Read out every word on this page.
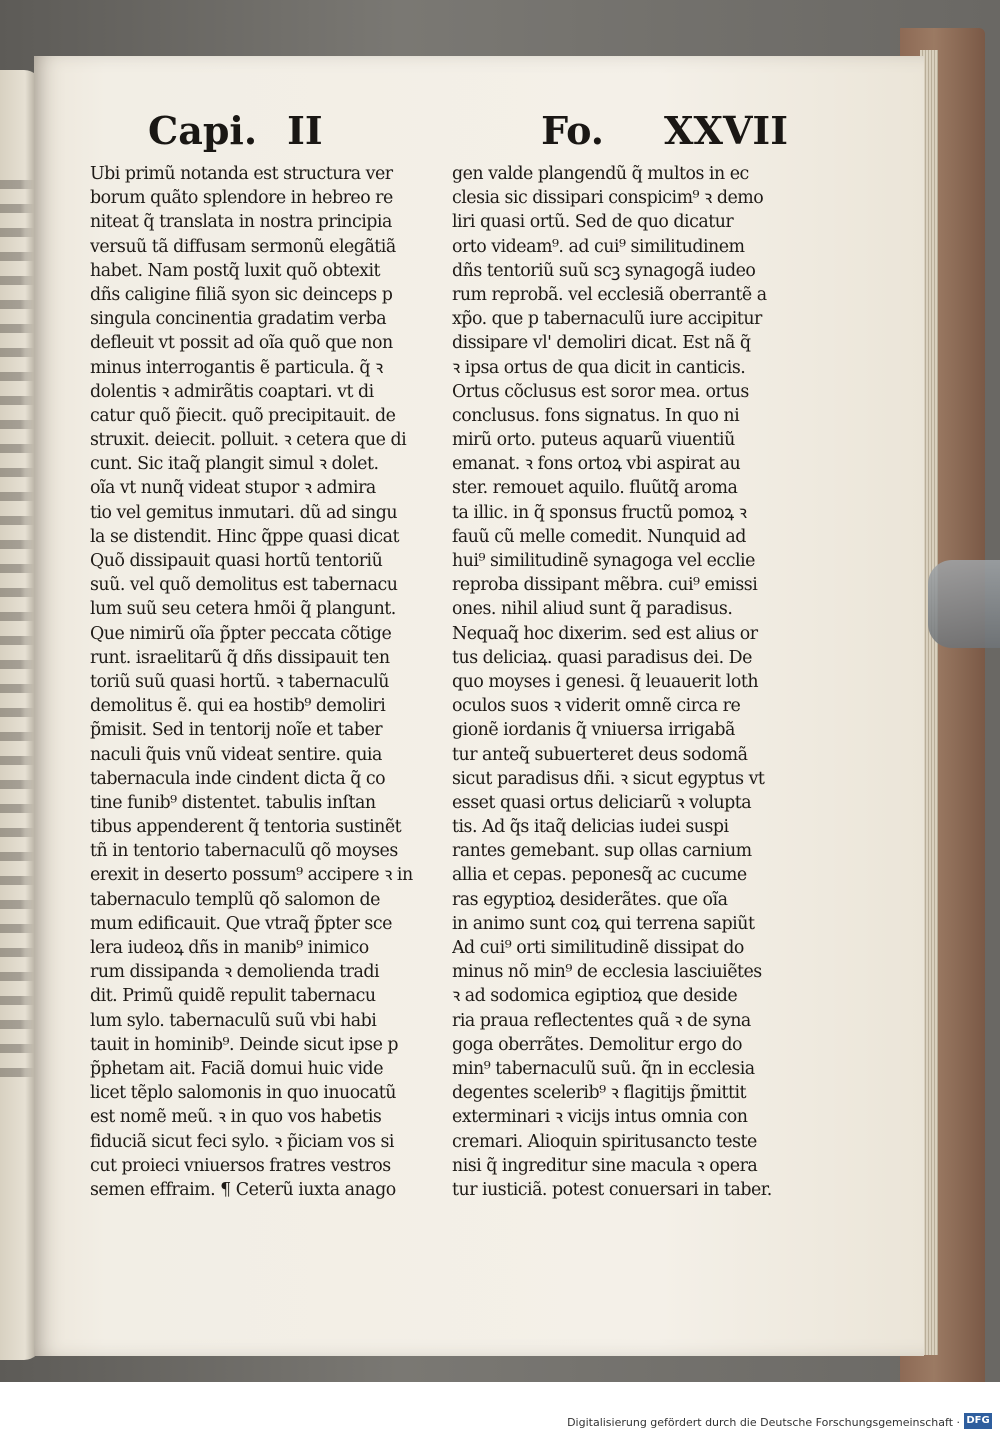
Capi. II	Fo. XXVII
Ubi primũ notanda est structura ver
borum quãto splendore in hebreo re
niteat q̃ translata in nostra principia
versuũ tã diffusam sermonũ elegãtiã
habet. Nam postq̃ luxit quõ obtexit
dñs caligine filiã syon sic deinceps p
singula concinentia gradatim verba
defleuit vt possit ad oĩa quõ que non
minus interrogantis ẽ particula. q̃ ꝛ
dolentis ꝛ admirãtis coaptari. vt di
catur quõ p̃iecit. quõ precipitauit. de
struxit. deiecit. polluit. ꝛ cetera que di
cunt. Sic itaq̃ plangit simul ꝛ dolet.
oĩa vt nunq̃ videat stupor ꝛ admira
tio vel gemitus inmutari. dũ ad singu
la se distendit. Hinc q̃ppe quasi dicat
Quõ dissipauit quasi hortũ tentoriũ
suũ. vel quõ demolitus est tabernacu
lum suũ seu cetera hmõi q̃ plangunt.
Que nimirũ oĩa p̃pter peccata cõtige
runt. israelitarũ q̃ dñs dissipauit ten
toriũ suũ quasi hortũ. ꝛ tabernaculũ
demolitus ẽ. qui ea hostib⁹ demoliri
p̃misit. Sed in tentorij noĩe et taber
naculi q̃uis vnũ videat sentire. quia
tabernacula inde cindent dicta q̃ co
tine funib⁹ distentet. tabulis inſtan
tibus appenderent q̃ tentoria sustinẽt
tñ in tentorio tabernaculũ qõ moyses
erexit in deserto possum⁹ accipere ꝛ in
tabernaculo templũ qõ salomon de
mum edificauit. Que vtraq̃ p̃pter sce
lera iudeoꝝ dñs in manib⁹ inimico
rum dissipanda ꝛ demolienda tradi
dit. Primũ quidẽ repulit tabernacu
lum sylo. tabernaculũ suũ vbi habi
tauit in hominib⁹. Deinde sicut ipse p
p̃phetam ait. Faciã domui huic vide
licet tẽplo salomonis in quo inuocatũ
est nomẽ meũ. ꝛ in quo vos habetis
fiduciã sicut feci sylo. ꝛ p̃iciam vos si
cut proieci vniuersos fratres vestros
semen effraim. ¶ Ceterũ iuxta anago
gen valde plangendũ q̃ multos in ec
clesia sic dissipari conspicim⁹ ꝛ demo
liri quasi ortũ. Sed de quo dicatur
orto videam⁹. ad cui⁹ similitudinem
dñs tentoriũ suũ scꝫ synagogã iudeo
rum reprobã. vel ecclesiã oberrantẽ a
xp̃o. que p tabernaculũ iure accipitur
dissipare vl' demoliri dicat. Est nã q̃
ꝛ ipsa ortus de qua dicit in canticis.
Ortus cõclusus est soror mea. ortus
conclusus. fons signatus. In quo ni
mirũ orto. puteus aquarũ viuentiũ
emanat. ꝛ fons ortoꝝ vbi aspirat au
ster. remouet aquilo. fluũtq̃ aroma
ta illic. in q̃ sponsus fructũ pomoꝝ ꝛ
fauũ cũ melle comedit. Nunquid ad
hui⁹ similitudinẽ synagoga vel ecclie
reproba dissipant mẽbra. cui⁹ emissi
ones. nihil aliud sunt q̃ paradisus.
Nequaq̃ hoc dixerim. sed est alius or
tus deliciaꝝ. quasi paradisus dei. De
quo moyses i genesi. q̃ leuauerit loth
oculos suos ꝛ viderit omnẽ circa re
gionẽ iordanis q̃ vniuersa irrigabã
tur anteq̃ subuerteret deus sodomã
sicut paradisus dñi. ꝛ sicut egyptus vt
esset quasi ortus deliciarũ ꝛ volupta
tis. Ad q̃s itaq̃ delicias iudei suspi
rantes gemebant. sup ollas carnium
allia et cepas. peponesq̃ ac cucume
ras egyptioꝝ desiderãtes. que oĩa
in animo sunt coꝝ qui terrena sapiũt
Ad cui⁹ orti similitudinẽ dissipat do
minus nõ min⁹ de ecclesia lasciuiẽtes
ꝛ ad sodomica egiptioꝝ que deside
ria praua reflectentes quã ꝛ de syna
goga oberrãtes. Demolitur ergo do
min⁹ tabernaculũ suũ. q̃n in ecclesia
degentes scelerib⁹ ꝛ flagitijs p̃mittit
exterminari ꝛ vicijs intus omnia con
cremari. Alioquin spiritusancto teste
nisi q̃ ingreditur sine macula ꝛ opera
tur iusticiã. potest conuersari in taber.
Digitalisierung gefördert durch die Deutsche Forschungsgemeinschaft · DFG
